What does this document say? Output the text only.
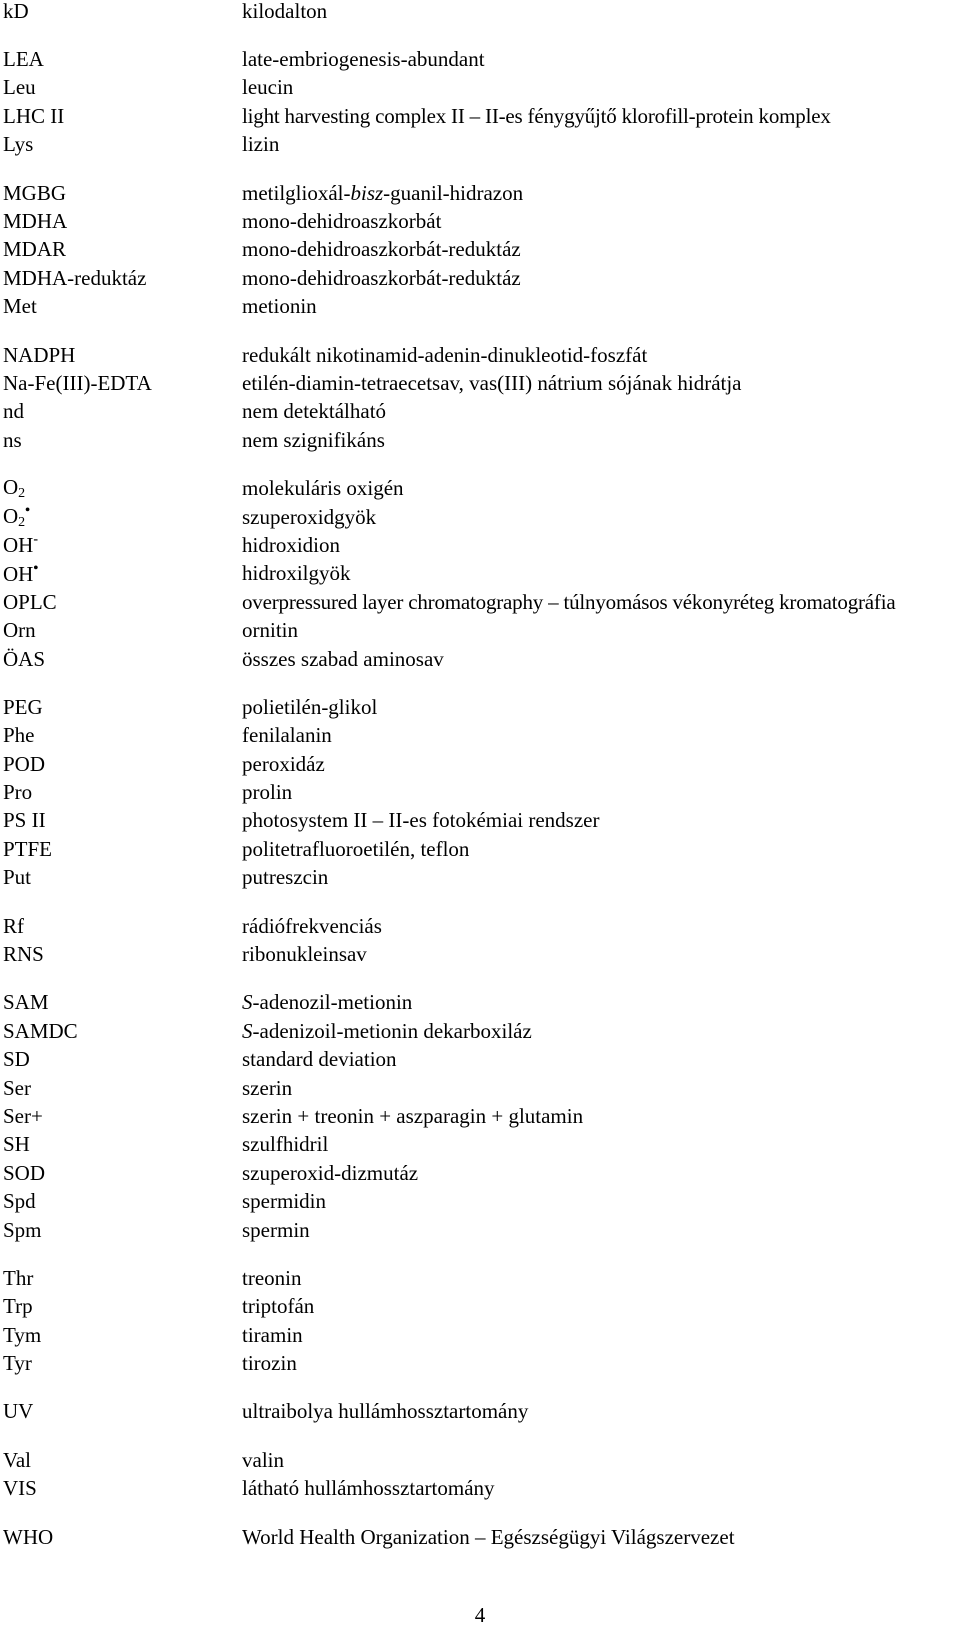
kD	kilodalton
LEA	late-embriogenesis-abundant
Leu	leucin
LHC II	light harvesting complex II – II-es fénygyűjtő klorofill-protein komplex
Lys	lizin
MGBG	metilglioxál-bisz-guanil-hidrazon
MDHA	mono-dehidroaszkorbát
MDAR	mono-dehidroaszkorbát-reduktáz
MDHA-reduktáz	mono-dehidroaszkorbát-reduktáz
Met	metionin
NADPH	redukált nikotinamid-adenin-dinukleotid-foszfát
Na-Fe(III)-EDTA	etilén-diamin-tetraecetsav, vas(III) nátrium sójának hidrátja
nd	nem detektálható
ns	nem szignifikáns
$O_2$	molekuláris oxigén
$O_2^•$	szuperoxidgyök
OH-	hidroxidion
OH•	hidroxilgyök
OPLC	overpressured layer chromatography – túlnyomásos vékonyréteg kromatográfia
Orn	ornitin
ÖAS	összes szabad aminosav
PEG	polietilén-glikol
Phe	fenilalanin
POD	peroxidáz
Pro	prolin
PS II	photosystem II – II-es fotokémiai rendszer
PTFE	politetrafluoroetilén, teflon
Put	putreszcin
Rf	rádiófrekvenciás
RNS	ribonukleinsav
SAM	S-adenozil-metionin
SAMDC	S-adenizoil-metionin dekarboxiláz
SD	standard deviation
Ser	szerin
Ser+	szerin + treonin + aszparagin + glutamin
SH	szulfhidril
SOD	szuperoxid-dizmutáz
Spd	spermidin
Spm	spermin
Thr	treonin
Trp	triptofán
Tym	tiramin
Tyr	tirozin
UV	ultraibolya hullámhossztartomány
Val	valin
VIS	látható hullámhossztartomány
WHO	World Health Organization – Egészségügyi Világszervezet
4
